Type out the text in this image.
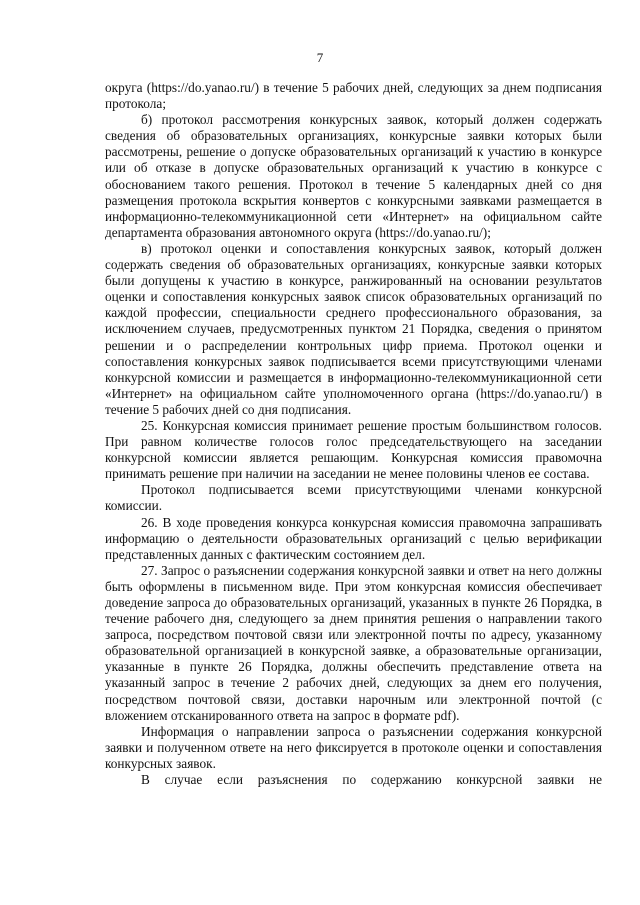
7

округа (https://do.yanao.ru/) в течение 5 рабочих дней, следующих за днем подписания протокола;

б) протокол рассмотрения конкурсных заявок, который должен содержать сведения об образовательных организациях, конкурсные заявки которых были рассмотрены, решение о допуске образовательных организаций к участию в конкурсе или об отказе в допуске образовательных организаций к участию в конкурсе с обоснованием такого решения. Протокол в течение 5 календарных дней со дня размещения протокола вскрытия конвертов с конкурсными заявками размещается в информационно-телекоммуникационной сети «Интернет» на официальном сайте департамента образования автономного округа (https://do.yanao.ru/);

в) протокол оценки и сопоставления конкурсных заявок, который должен содержать сведения об образовательных организациях, конкурсные заявки которых были допущены к участию в конкурсе, ранжированный на основании результатов оценки и сопоставления конкурсных заявок список образовательных организаций по каждой профессии, специальности среднего профессионального образования, за исключением случаев, предусмотренных пунктом 21 Порядка, сведения о принятом решении и о распределении контрольных цифр приема. Протокол оценки и сопоставления конкурсных заявок подписывается всеми присутствующими членами конкурсной комиссии и размещается в информационно-телекоммуникационной сети «Интернет» на официальном сайте уполномоченного органа (https://do.yanao.ru/) в течение 5 рабочих дней со дня подписания.

25. Конкурсная комиссия принимает решение простым большинством голосов. При равном количестве голосов голос председательствующего на заседании конкурсной комиссии является решающим. Конкурсная комиссия правомочна принимать решение при наличии на заседании не менее половины членов ее состава.

Протокол подписывается всеми присутствующими членами конкурсной комиссии.

26. В ходе проведения конкурса конкурсная комиссия правомочна запрашивать информацию о деятельности образовательных организаций с целью верификации представленных данных с фактическим состоянием дел.

27. Запрос о разъяснении содержания конкурсной заявки и ответ на него должны быть оформлены в письменном виде. При этом конкурсная комиссия обеспечивает доведение запроса до образовательных организаций, указанных в пункте 26 Порядка, в течение рабочего дня, следующего за днем принятия решения о направлении такого запроса, посредством почтовой связи или электронной почты по адресу, указанному образовательной организацией в конкурсной заявке, а образовательные организации, указанные в пункте 26 Порядка, должны обеспечить представление ответа на указанный запрос в течение 2 рабочих дней, следующих за днем его получения, посредством почтовой связи, доставки нарочным или электронной почтой (с вложением отсканированного ответа на запрос в формате pdf).

Информация о направлении запроса о разъяснении содержания конкурсной заявки и полученном ответе на него фиксируется в протоколе оценки и сопоставления конкурсных заявок.

В случае если разъяснения по содержанию конкурсной заявки не
